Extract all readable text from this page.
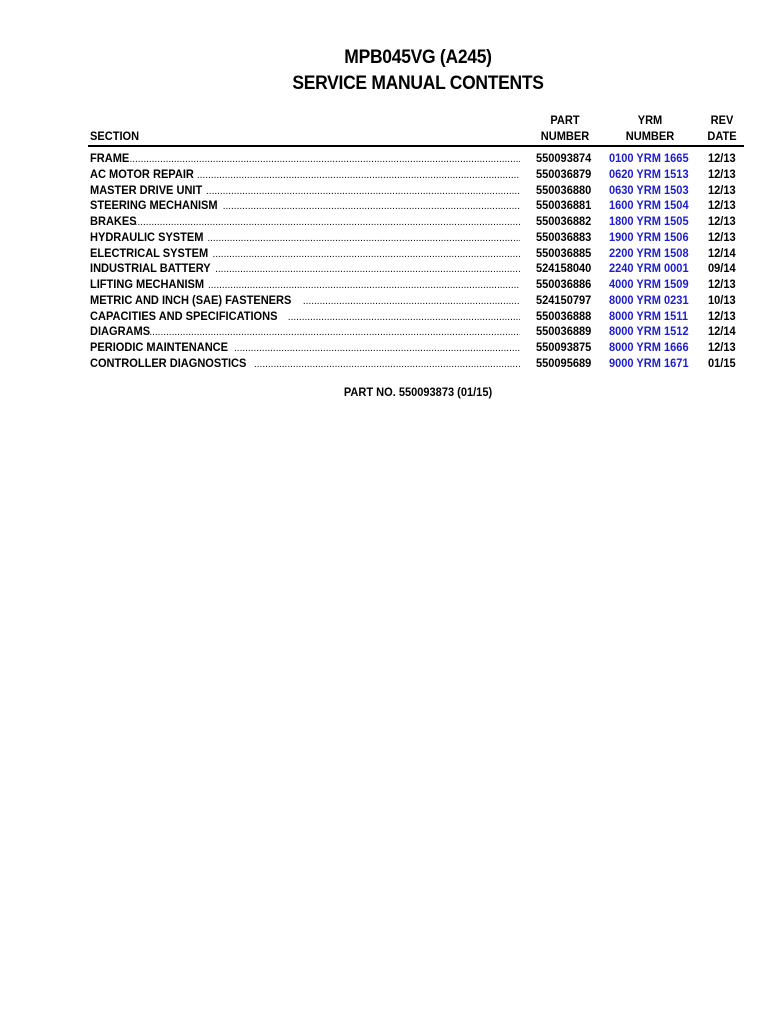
MPB045VG (A245)
SERVICE MANUAL CONTENTS
SECTION
PART
NUMBER
YRM
NUMBER
REV
DATE
FRAME .....	550093874 0100 YRM 1665 12/13
AC MOTOR REPAIR .....	550036879 0620 YRM 1513 12/13
MASTER DRIVE UNIT .....	550036880 0630 YRM 1503 12/13
STEERING MECHANISM .....	550036881 1600 YRM 1504 12/13
BRAKES .....	550036882 1800 YRM 1505 12/13
HYDRAULIC SYSTEM .....	550036883 1900 YRM 1506 12/13
ELECTRICAL SYSTEM .....	550036885 2200 YRM 1508 12/14
INDUSTRIAL BATTERY .....	524158040 2240 YRM 0001 09/14
LIFTING MECHANISM .....	550036886 4000 YRM 1509 12/13
METRIC AND INCH (SAE) FASTENERS .....	524150797 8000 YRM 0231 10/13
CAPACITIES AND SPECIFICATIONS .....	550036888 8000 YRM 1511	12/13
DIAGRAMS .....	550036889 8000 YRM 1512 12/14
PERIODIC MAINTENANCE .....	550093875 8000 YRM 1666 12/13
CONTROLLER DIAGNOSTICS .....	550095689 9000 YRM 1671 01/15
PART NO. 550093873 (01/15)
